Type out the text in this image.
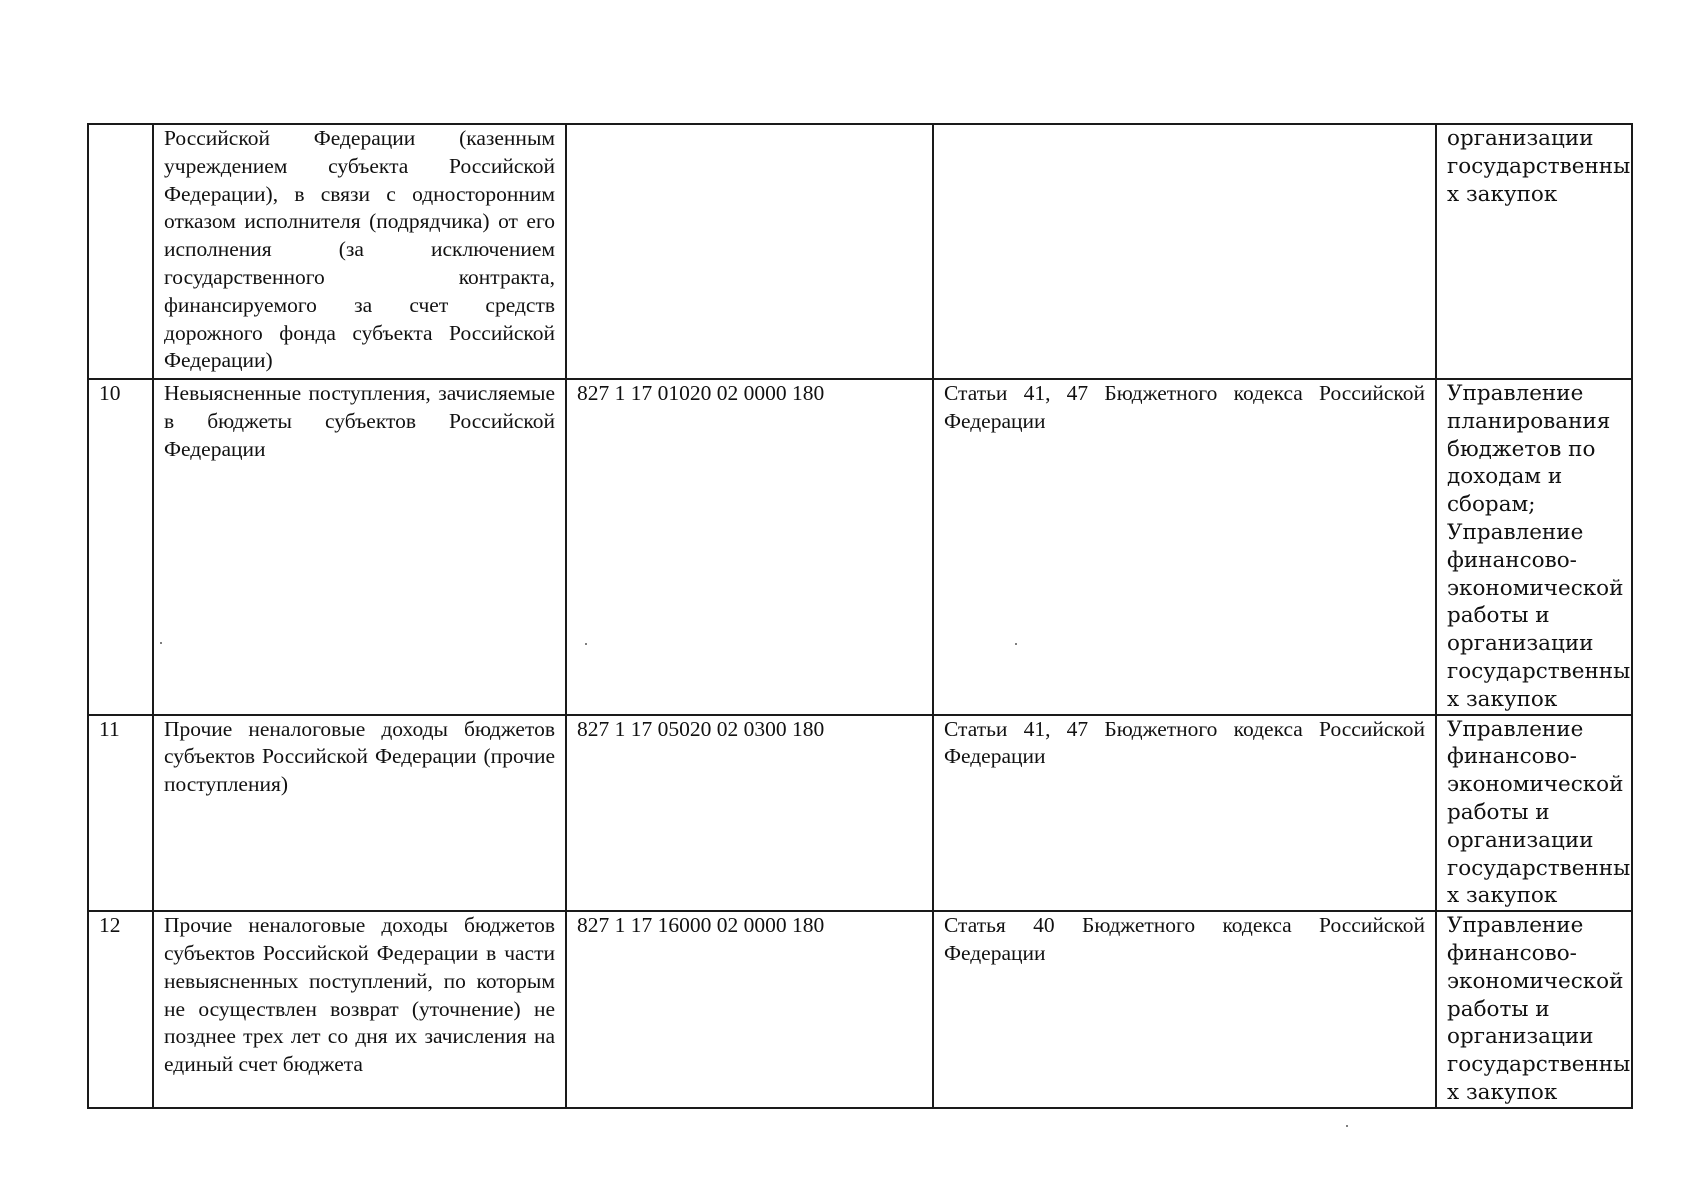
	Российской Федерации (казенным учреждением субъекта Российской Федерации), в связи с односторонним отказом исполнителя (подрядчика) от его исполнения (за исключением государственного контракта, финансируемого за счет средств дорожного фонда субъекта Российской Федерации)			организации государственны х закупок
10	Невыясненные поступления, зачисляемые в бюджеты субъектов Российской Федерации	827 1 17 01020 02 0000 180	Статьи 41, 47 Бюджетного кодекса Российской Федерации	Управление планирования бюджетов по доходам и сборам; Управление финансово-экономической работы и организации государственны х закупок
11	Прочие неналоговые доходы бюджетов субъектов Российской Федерации (прочие поступления)	827 1 17 05020 02 0300 180	Статьи 41, 47 Бюджетного кодекса Российской Федерации	Управление финансово-экономической работы и организации государственны х закупок
12	Прочие неналоговые доходы бюджетов субъектов Российской Федерации в части невыясненных поступлений, по которым не осуществлен возврат (уточнение) не позднее трех лет со дня их зачисления на единый счет бюджета	827 1 17 16000 02 0000 180	Статья 40 Бюджетного кодекса Российской Федерации	Управление финансово-экономической работы и организации государственны х закупок
